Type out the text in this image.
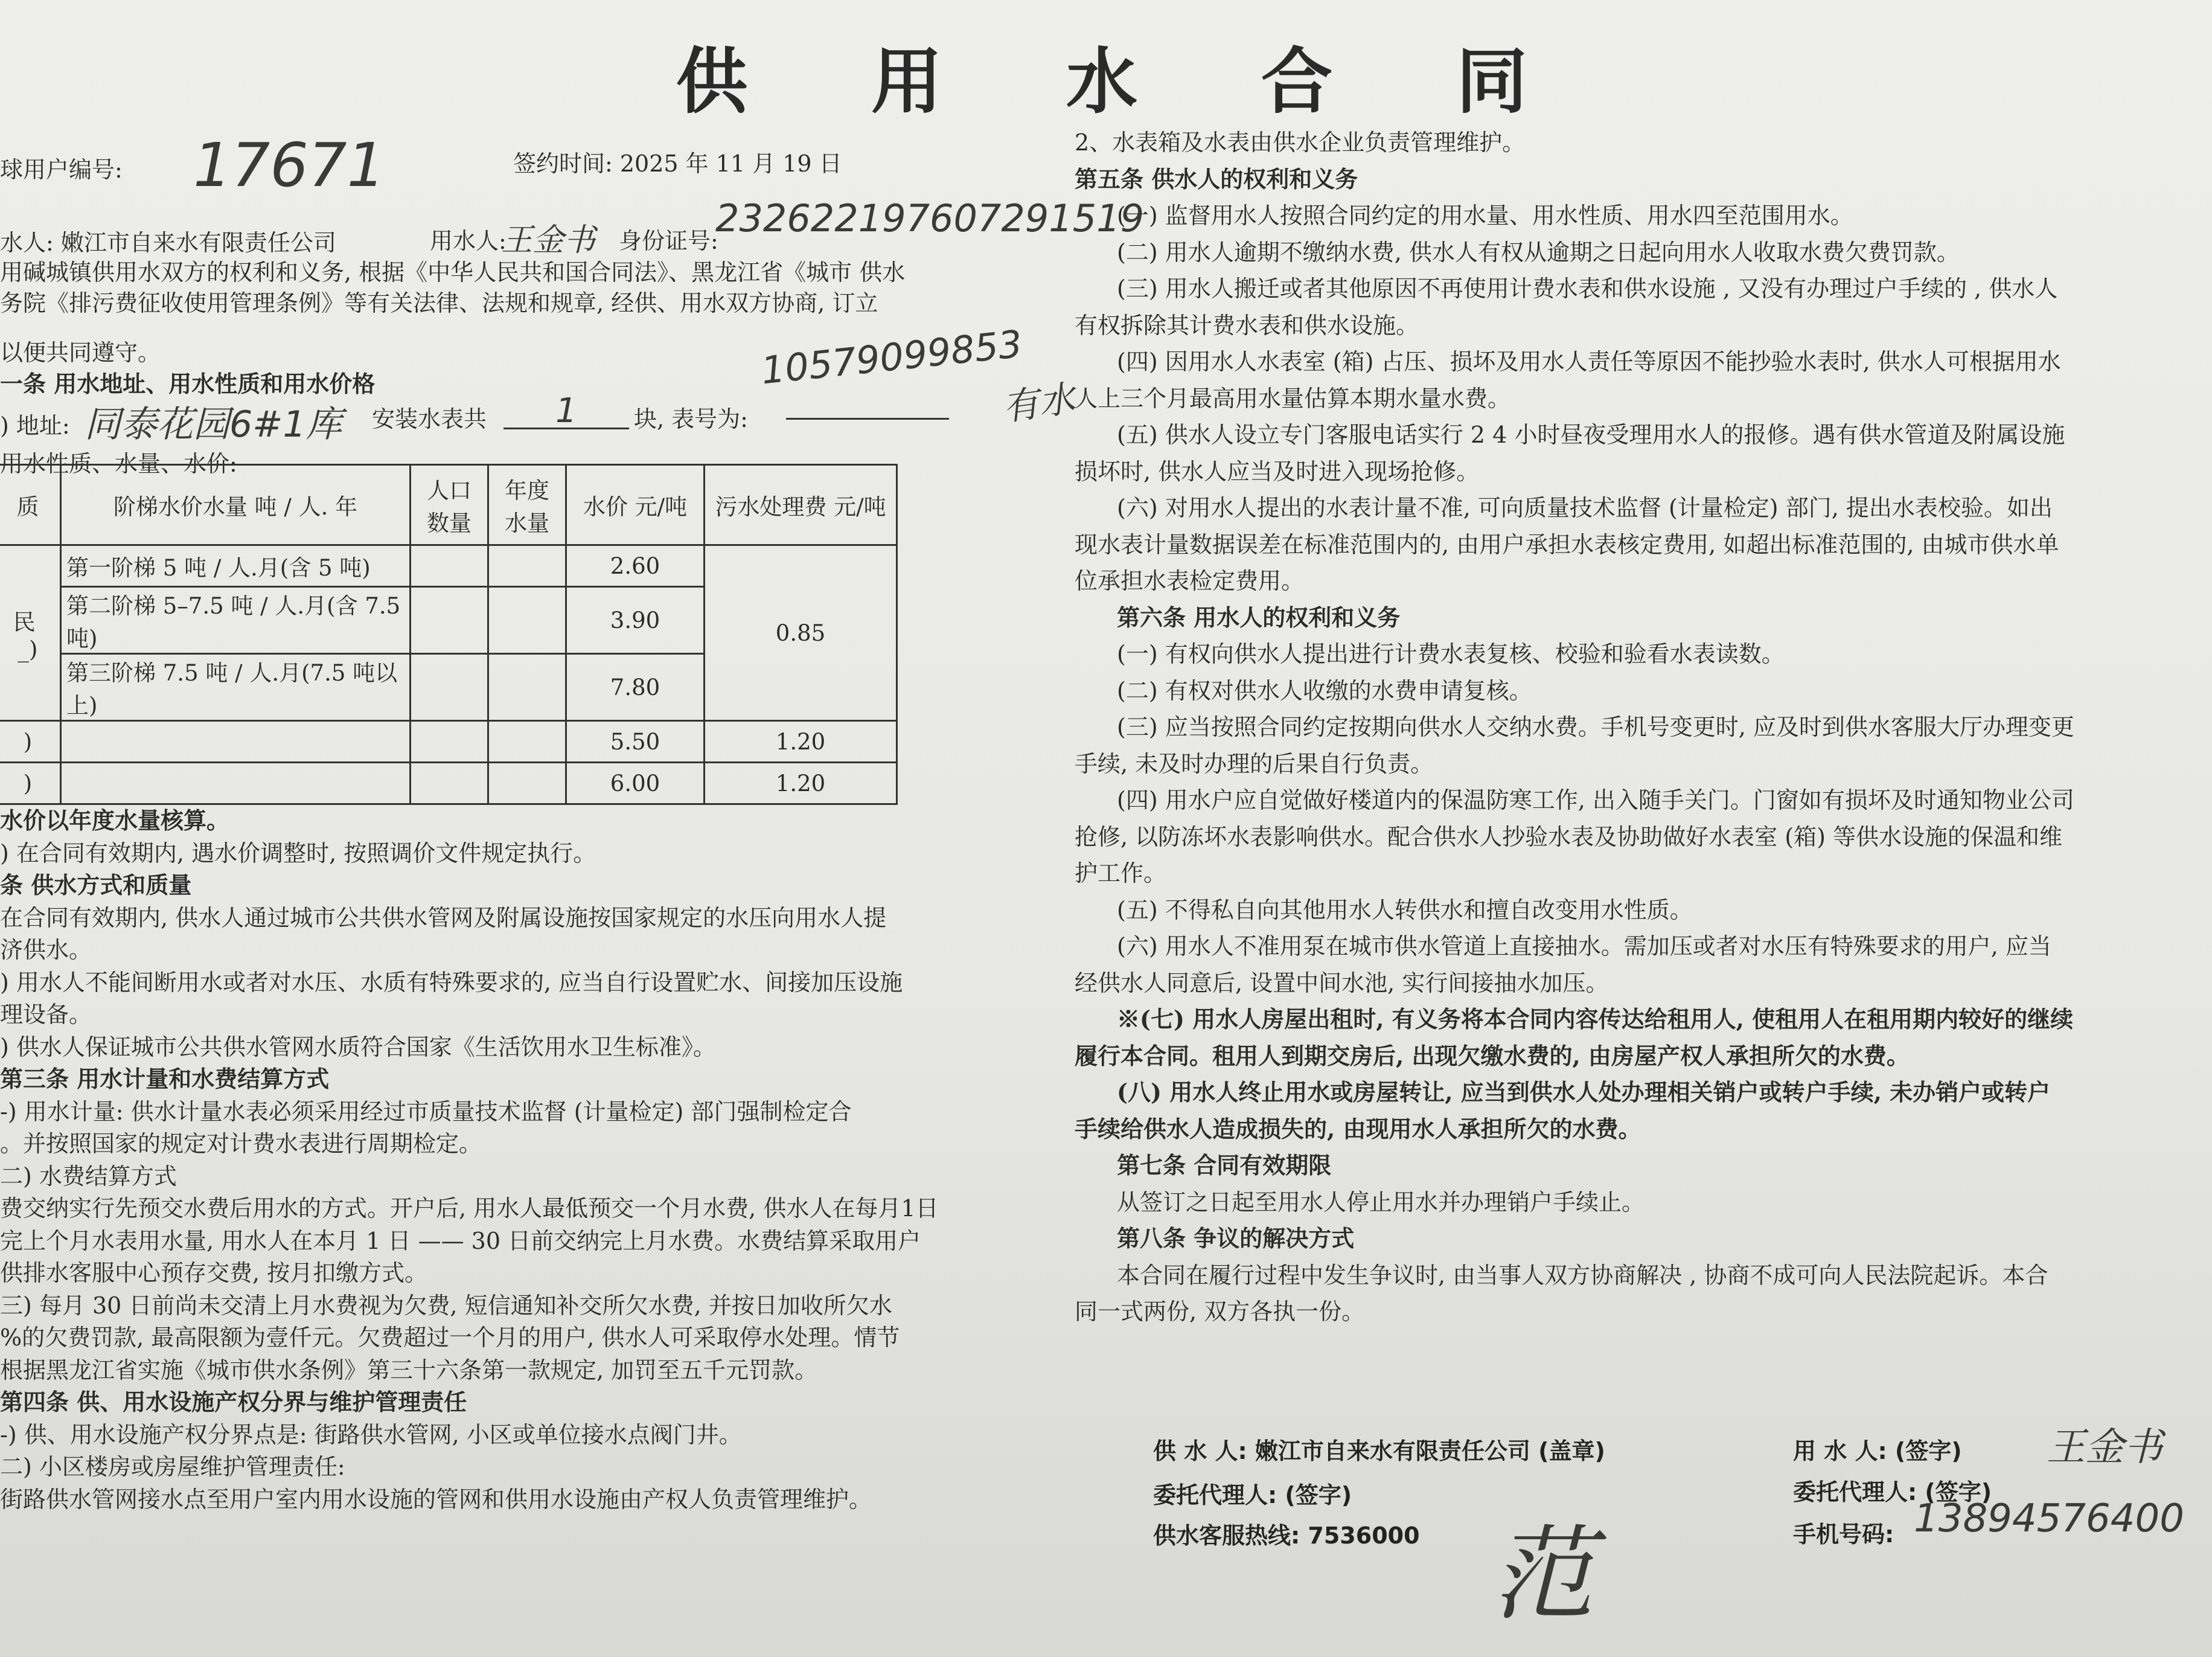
供 用 水 合 同
球用户编号: 17671	签约时间: 2025 年 11 月 19 日
水人: 嫩江市自来水有限责任公司	用水人:
王金书 身份证号:
232622197607291519
用碱城镇供用水双方的权利和义务, 根据《中华人民共和国合同法》、黑龙江省《城市 供水
务院《排污费征收使用管理条例》等有关法律、法规和规章, 经供、用水双方协商, 订立
以便共同遵守。	10579099853
有水
一条 用水地址、用水性质和用水价格
) 地址: 同泰花园6#1库 安装水表共	1	块, 表号为:
用水性质、水量、水价:
质	阶梯水价水量 吨 / 人. 年	人口数量	年度水量	水价 元/吨	污水处理费 元/吨
民
_)	第一阶梯 5 吨 / 人.月(含 5 吨)			2.60	0.85
	第二阶梯 5–7.5 吨 / 人.月(含 7.5 吨)			3.90	
	第三阶梯 7.5 吨 / 人.月(7.5 吨以上)			7.80	
)				5.50	1.20
)				6.00	1.20
水价以年度水量核算。
) 在合同有效期内, 遇水价调整时, 按照调价文件规定执行。
条 供水方式和质量
在合同有效期内, 供水人通过城市公共供水管网及附属设施按国家规定的水压向用水人提
济供水。
) 用水人不能间断用水或者对水压、水质有特殊要求的, 应当自行设置贮水、间接加压设施
理设备。
) 供水人保证城市公共供水管网水质符合国家《生活饮用水卫生标准》。
第三条 用水计量和水费结算方式
-) 用水计量: 供水计量水表必须采用经过市质量技术监督 (计量检定) 部门强制检定合
。并按照国家的规定对计费水表进行周期检定。
二) 水费结算方式
费交纳实行先预交水费后用水的方式。开户后, 用水人最低预交一个月水费, 供水人在每月1日
完上个月水表用水量, 用水人在本月 1 日 —— 30 日前交纳完上月水费。水费结算采取用户
供排水客服中心预存交费, 按月扣缴方式。
三) 每月 30 日前尚未交清上月水费视为欠费, 短信通知补交所欠水费, 并按日加收所欠水
%的欠费罚款, 最高限额为壹仟元。欠费超过一个月的用户, 供水人可采取停水处理。情节
根据黑龙江省实施《城市供水条例》第三十六条第一款规定, 加罚至五千元罚款。
第四条 供、用水设施产权分界与维护管理责任
-) 供、用水设施产权分界点是: 街路供水管网, 小区或单位接水点阀门井。
二) 小区楼房或房屋维护管理责任:
街路供水管网接水点至用户室内用水设施的管网和供用水设施由产权人负责管理维护。
2、水表箱及水表由供水企业负责管理维护。
第五条 供水人的权利和义务
(一) 监督用水人按照合同约定的用水量、用水性质、用水四至范围用水。
(二) 用水人逾期不缴纳水费, 供水人有权从逾期之日起向用水人收取水费欠费罚款。
(三) 用水人搬迁或者其他原因不再使用计费水表和供水设施 , 又没有办理过户手续的 , 供水人
有权拆除其计费水表和供水设施。
(四) 因用水人水表室 (箱) 占压、损坏及用水人责任等原因不能抄验水表时, 供水人可根据用水
人上三个月最高用水量估算本期水量水费。
(五) 供水人设立专门客服电话实行 2 4 小时昼夜受理用水人的报修。遇有供水管道及附属设施
损坏时, 供水人应当及时进入现场抢修。
(六) 对用水人提出的水表计量不准, 可向质量技术监督 (计量检定) 部门, 提出水表校验。如出
现水表计量数据误差在标准范围内的, 由用户承担水表核定费用, 如超出标准范围的, 由城市供水单
位承担水表检定费用。
第六条 用水人的权利和义务
(一) 有权向供水人提出进行计费水表复核、校验和验看水表读数。
(二) 有权对供水人收缴的水费申请复核。
(三) 应当按照合同约定按期向供水人交纳水费。手机号变更时, 应及时到供水客服大厅办理变更
手续, 未及时办理的后果自行负责。
(四) 用水户应自觉做好楼道内的保温防寒工作, 出入随手关门。门窗如有损坏及时通知物业公司
抢修, 以防冻坏水表影响供水。配合供水人抄验水表及协助做好水表室 (箱) 等供水设施的保温和维
护工作。
(五) 不得私自向其他用水人转供水和擅自改变用水性质。
(六) 用水人不准用泵在城市供水管道上直接抽水。需加压或者对水压有特殊要求的用户, 应当
经供水人同意后, 设置中间水池, 实行间接抽水加压。
※(七) 用水人房屋出租时, 有义务将本合同内容传达给租用人, 使租用人在租用期内较好的继续
履行本合同。租用人到期交房后, 出现欠缴水费的, 由房屋产权人承担所欠的水费。
(八) 用水人终止用水或房屋转让, 应当到供水人处办理相关销户或转户手续, 未办销户或转户
手续给供水人造成损失的, 由现用水人承担所欠的水费。
第七条 合同有效期限
从签订之日起至用水人停止用水并办理销户手续止。
第八条 争议的解决方式
本合同在履行过程中发生争议时, 由当事人双方协商解决 , 协商不成可向人民法院起诉。本合
同一式两份, 双方各执一份。
供 水 人: 嫩江市自来水有限责任公司 (盖章)
委托代理人: (签字)
供水客服热线: 7536000 范
用 水 人: (签字) 王金书
委托代理人: (签字)
手机号码: 13894576400
